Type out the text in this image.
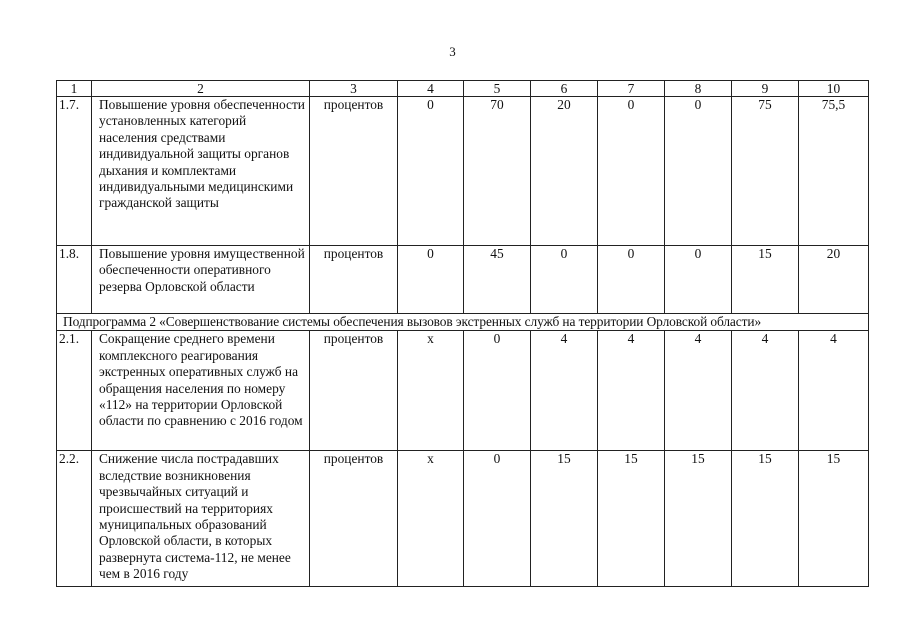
3
1	2	3	4	5	6	7	8	9	10
1.7.	Повышение уровня обеспеченности установленных категорий населения средствами индивидуальной защиты органов дыхания и комплектами индивидуальными медицинскими гражданской защиты	процентов	0	70	20	0	0	75	75,5
1.8.	Повышение уровня имущественной обеспеченности оперативного резерва Орловской области	процентов	0	45	0	0	0	15	20
Подпрограмма 2 «Совершенствование системы обеспечения вызовов экстренных служб на территории Орловской области»									
2.1.	Сокращение среднего времени комплексного реагирования экстренных оперативных служб на обращения населения по номеру «112» на территории Орловской области по сравнению с 2016 годом	процентов	х	0	4	4	4	4	4
2.2.	Снижение числа пострадавших вследствие возникновения чрезвычайных ситуаций и происшествий на территориях муниципальных образований Орловской области, в которых развернута система-112, не менее чем в 2016 году	процентов	х	0	15	15	15	15	15
